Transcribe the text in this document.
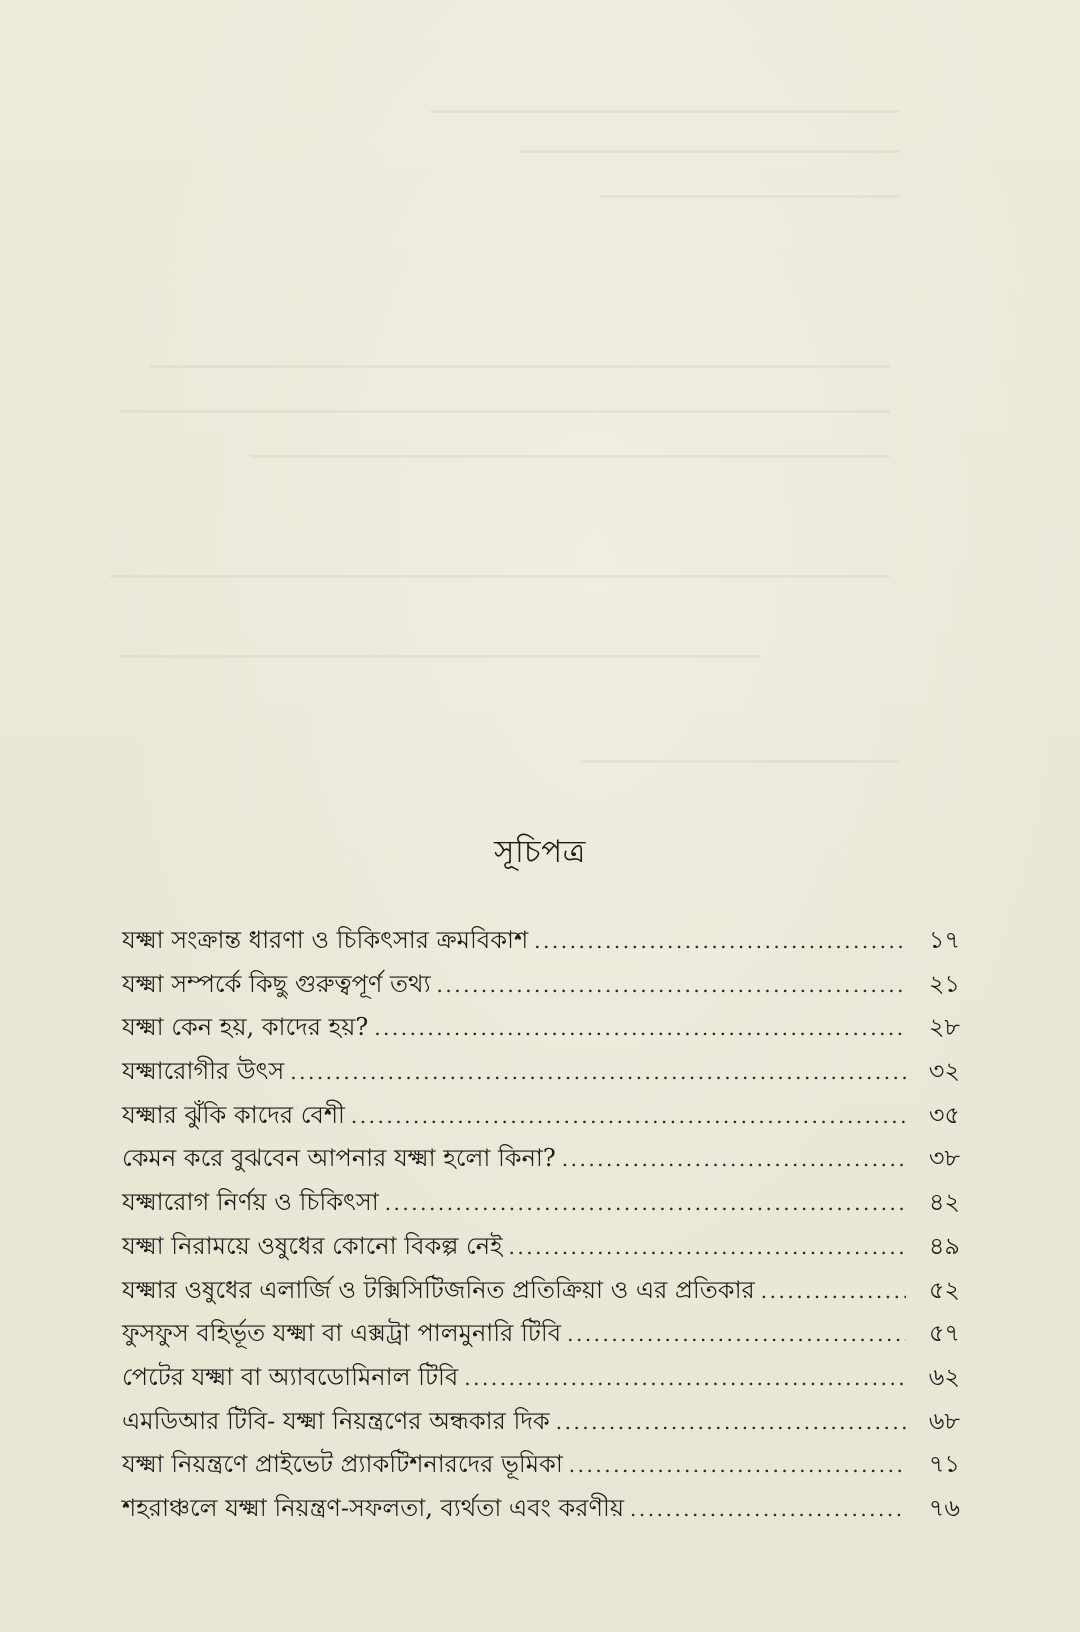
সূচিপত্র
যক্ষ্মা সংক্রান্ত ধারণা ও চিকিৎসার ক্রমবিকাশ .....	১৭
যক্ষ্মা সম্পর্কে কিছু গুরুত্বপূর্ণ তথ্য .....	২১
যক্ষ্মা কেন হয়, কাদের হয়? .....	২৮
যক্ষ্মারোগীর উৎস .....	৩২
যক্ষ্মার ঝুঁকি কাদের বেশী .....	৩৫
কেমন করে বুঝবেন আপনার যক্ষ্মা হলো কিনা? .....	৩৮
যক্ষ্মারোগ নির্ণয় ও চিকিৎসা .....	৪২
যক্ষ্মা নিরাময়ে ওষুধের কোনো বিকল্প নেই .....	৪৯
যক্ষ্মার ওষুধের এলার্জি ও টক্সিসিটিজনিত প্রতিক্রিয়া ও এর প্রতিকার .....	৫২
ফুসফুস বহির্ভূত যক্ষ্মা বা এক্সট্রা পালমুনারি টিবি .....	৫৭
পেটের যক্ষ্মা বা অ্যাবডোমিনাল টিবি .....	৬২
এমডিআর টিবি- যক্ষ্মা নিয়ন্ত্রণের অন্ধকার দিক .....	৬৮
যক্ষ্মা নিয়ন্ত্রণে প্রাইভেট প্র্যাকটিশনারদের ভূমিকা .....	৭১
শহরাঞ্চলে যক্ষ্মা নিয়ন্ত্রণ-সফলতা, ব্যর্থতা এবং করণীয় .....	৭৬
